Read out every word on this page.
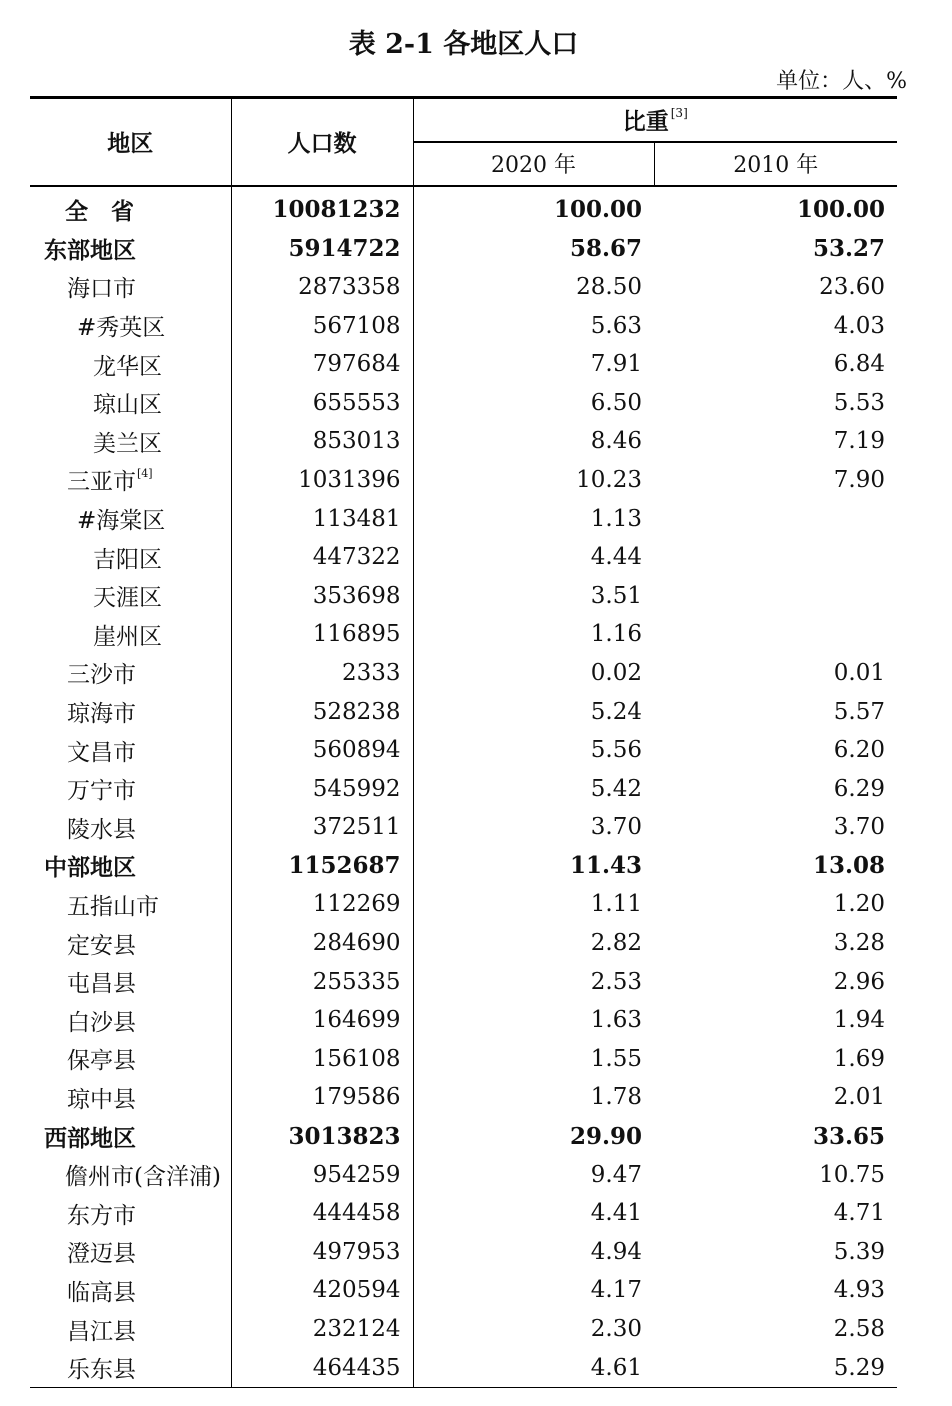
表 2-1 各地区人口
单位：人、%
地区	人口数	比重 [3]
		2020 年	2010 年
全　省	10081232	100.00	100.00
东部地区	5914722	58.67	53.27
海口市	2873358	28.50	23.60
#秀英区	567108	5.63	4.03
龙华区	797684	7.91	6.84
琼山区	655553	6.50	5.53
美兰区	853013	8.46	7.19
三亚市[4]	1031396	10.23	7.90
#海棠区	113481	1.13	
吉阳区	447322	4.44	
天涯区	353698	3.51	
崖州区	116895	1.16	
三沙市	2333	0.02	0.01
琼海市	528238	5.24	5.57
文昌市	560894	5.56	6.20
万宁市	545992	5.42	6.29
陵水县	372511	3.70	3.70
中部地区	1152687	11.43	13.08
五指山市	112269	1.11	1.20
定安县	284690	2.82	3.28
屯昌县	255335	2.53	2.96
白沙县	164699	1.63	1.94
保亭县	156108	1.55	1.69
琼中县	179586	1.78	2.01
西部地区	3013823	29.90	33.65
儋州市(含洋浦)	954259	9.47	10.75
东方市	444458	4.41	4.71
澄迈县	497953	4.94	5.39
临高县	420594	4.17	4.93
昌江县	232124	2.30	2.58
乐东县	464435	4.61	5.29
